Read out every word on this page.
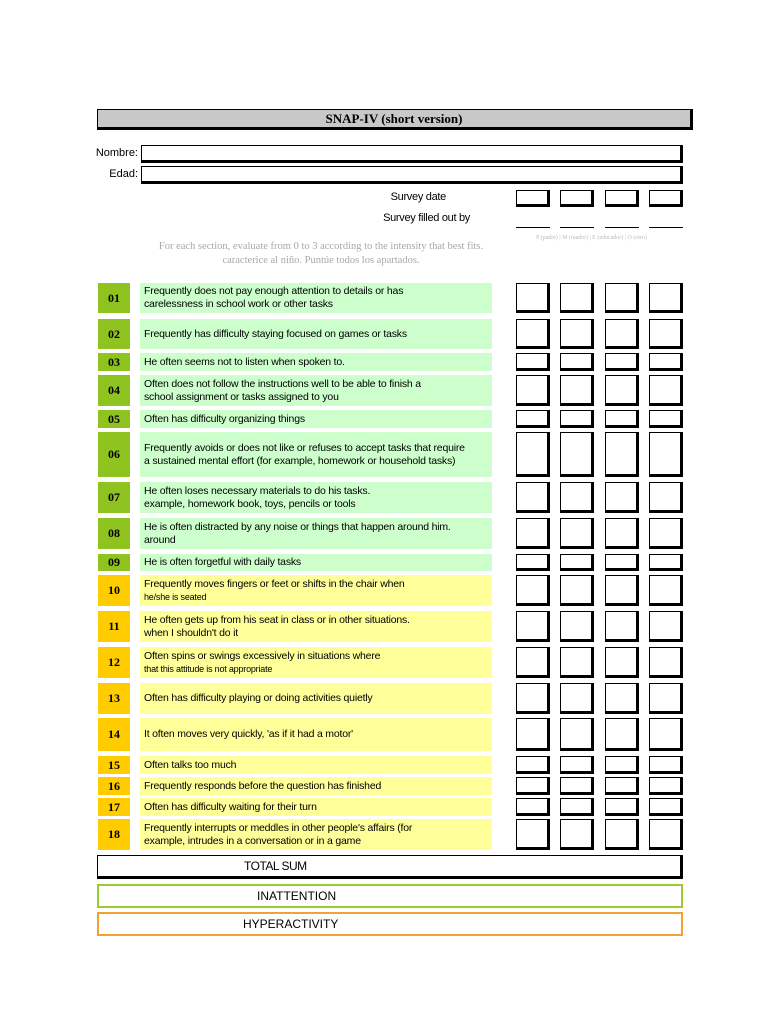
SNAP-IV (short version)
Nombre:
Edad:
Survey date
Survey filled out by
P (padre) | M (madre) | E (educador) | O (otro)
For each section, evaluate from 0 to 3 according to the intensity that best fits.
caracterice al niño. Puntúe todos los apartados.
01	Frequently does not pay enough attention to details or has
carelessness in school work or other tasks
02	Frequently has difficulty staying focused on games or tasks
03	He often seems not to listen when spoken to.
04	Often does not follow the instructions well to be able to finish a
school assignment or tasks assigned to you
05	Often has difficulty organizing things
06	Frequently avoids or does not like or refuses to accept tasks that require
a sustained mental effort (for example, homework or household tasks)
07	He often loses necessary materials to do his tasks.
example, homework book, toys, pencils or tools
08	He is often distracted by any noise or things that happen around him.
around
09	He is often forgetful with daily tasks
10	Frequently moves fingers or feet or shifts in the chair when
he/she is seated
11	He often gets up from his seat in class or in other situations.
when I shouldn't do it
12	Often spins or swings excessively in situations where
that this attitude is not appropriate
13	Often has difficulty playing or doing activities quietly
14	It often moves very quickly, 'as if it had a motor'
15	Often talks too much
16	Frequently responds before the question has finished
17	Often has difficulty waiting for their turn
18	Frequently interrupts or meddles in other people's affairs (for
example, intrudes in a conversation or in a game
TOTAL SUM
INATTENTION
HYPERACTIVITY
